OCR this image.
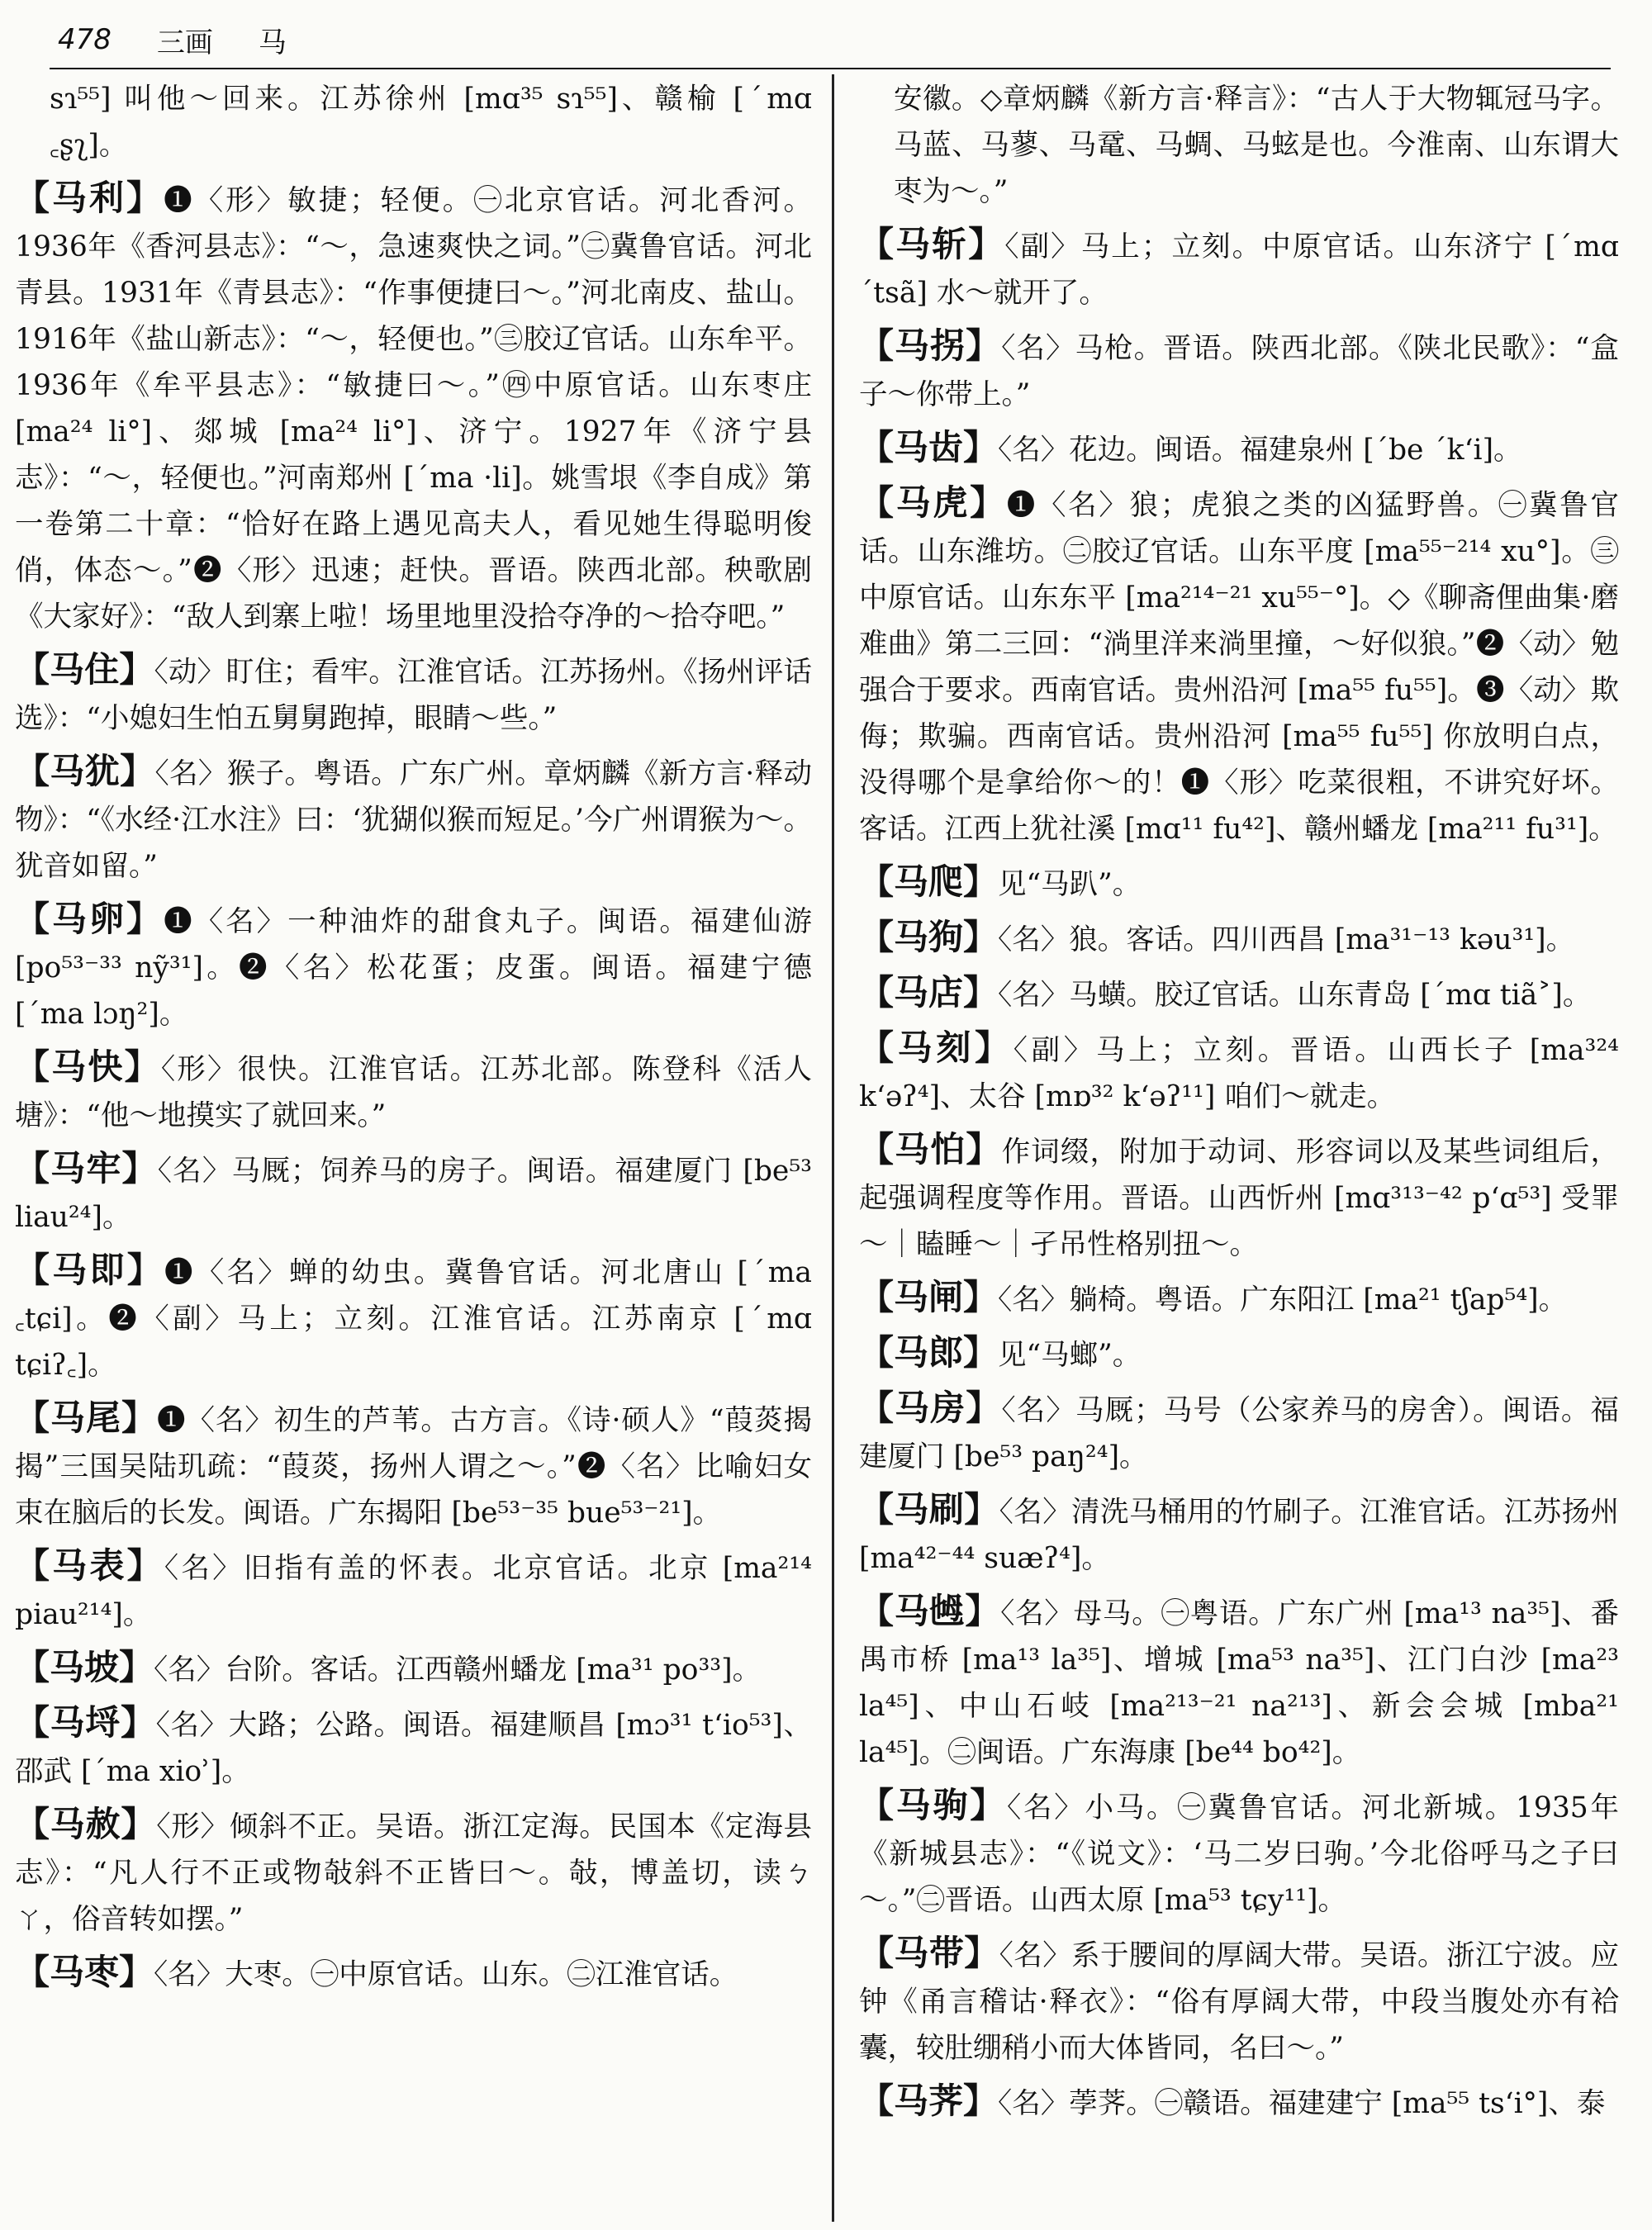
478 三画 马
sɿ⁵⁵] 叫他～回来。江苏徐州 [mɑ³⁵ sɿ⁵⁵]、赣榆 [ˊmɑ ꜀ʂʅ]。
【马利】❶〈形〉敏捷；轻便。㊀北京官话。河北香河。1936年《香河县志》：“～，急速爽快之词。”㊁冀鲁官话。河北青县。1931年《青县志》：“作事便捷曰～。”河北南皮、盐山。1916年《盐山新志》：“～，轻便也。”㊂胶辽官话。山东牟平。1936年《牟平县志》：“敏捷曰～。”㊃中原官话。山东枣庄 [ma²⁴ li°]、郯城 [ma²⁴ li°]、济宁。1927年《济宁县志》：“～，轻便也。”河南郑州 [ˊma ·li]。姚雪垠《李自成》第一卷第二十章：“恰好在路上遇见高夫人，看见她生得聪明俊俏，体态～。”❷〈形〉迅速；赶快。晋语。陕西北部。秧歌剧《大家好》：“敌人到寨上啦！场里地里没拾夺净的～拾夺吧。”
【马住】〈动〉盯住；看牢。江淮官话。江苏扬州。《扬州评话选》：“小媳妇生怕五舅舅跑掉，眼睛～些。”
【马犹】〈名〉猴子。粤语。广东广州。章炳麟《新方言·释动物》：“《水经·江水注》曰：‘犹猢似猴而短足。’今广州谓猴为～。犹音如留。”
【马卵】❶〈名〉一种油炸的甜食丸子。闽语。福建仙游 [po⁵³⁻³³ nỹ³¹]。❷〈名〉松花蛋；皮蛋。闽语。福建宁德 [ˊma lɔŋ²]。
【马快】〈形〉很快。江淮官话。江苏北部。陈登科《活人塘》：“他～地摸实了就回来。”
【马牢】〈名〉马厩；饲养马的房子。闽语。福建厦门 [be⁵³ liau²⁴]。
【马即】❶〈名〉蝉的幼虫。冀鲁官话。河北唐山 [ˊma ꜀tɕi]。❷〈副〉马上；立刻。江淮官话。江苏南京 [ˊmɑ tɕiʔ꜀]。
【马尾】❶〈名〉初生的芦苇。古方言。《诗·硕人》“葭菼揭揭”三国吴陆玑疏：“葭菼，扬州人谓之～。”❷〈名〉比喻妇女束在脑后的长发。闽语。广东揭阳 [be⁵³⁻³⁵ bue⁵³⁻²¹]。
【马表】〈名〉旧指有盖的怀表。北京官话。北京 [ma²¹⁴ piau²¹⁴]。
【马坡】〈名〉台阶。客话。江西赣州蟠龙 [ma³¹ po³³]。
【马埒】〈名〉大路；公路。闽语。福建顺昌 [mɔ³¹ tʻio⁵³]、邵武 [ˊma xioʾ]。
【马赦】〈形〉倾斜不正。吴语。浙江定海。民国本《定海县志》：“凡人行不正或物敧斜不正皆曰～。敧，博盖切，读ㄅㄚ，俗音转如摆。”
【马枣】〈名〉大枣。㊀中原官话。山东。㊁江淮官话。
安徽。◇章炳麟《新方言·释言》：“古人于大物辄冠马字。马蓝、马蓼、马鼋、马蜩、马蚿是也。今淮南、山东谓大枣为～。”
【马斩】〈副〉马上；立刻。中原官话。山东济宁 [ˊmɑ ˊtsã] 水～就开了。
【马拐】〈名〉马枪。晋语。陕西北部。《陕北民歌》：“盒子～你带上。”
【马齿】〈名〉花边。闽语。福建泉州 [ˊbe ˊkʻi]。
【马虎】❶〈名〉狼；虎狼之类的凶猛野兽。㊀冀鲁官话。山东潍坊。㊁胶辽官话。山东平度 [ma⁵⁵⁻²¹⁴ xu°]。㊂中原官话。山东东平 [ma²¹⁴⁻²¹ xu⁵⁵⁻°]。◇《聊斋俚曲集·磨难曲》第二三回：“淌里洋来淌里撞，～好似狼。”❷〈动〉勉强合于要求。西南官话。贵州沿河 [ma⁵⁵ fu⁵⁵]。❸〈动〉欺侮；欺骗。西南官话。贵州沿河 [ma⁵⁵ fu⁵⁵] 你放明白点，没得哪个是拿给你～的！❶〈形〉吃菜很粗，不讲究好坏。客话。江西上犹社溪 [mɑ¹¹ fu⁴²]、赣州蟠龙 [ma²¹¹ fu³¹]。
【马爬】见“马趴”。
【马狗】〈名〉狼。客话。四川西昌 [ma³¹⁻¹³ kəu³¹]。
【马店】〈名〉马蟥。胶辽官话。山东青岛 [ˊmɑ tiã˃]。
【马刻】〈副〉马上；立刻。晋语。山西长子 [ma³²⁴ kʻəʔ⁴]、太谷 [mɒ³² kʻəʔ¹¹] 咱们～就走。
【马怕】作词缀，附加于动词、形容词以及某些词组后，起强调程度等作用。晋语。山西忻州 [mɑ³¹³⁻⁴² pʻɑ⁵³] 受罪～｜瞌睡～｜孑吊性格别扭～。
【马闸】〈名〉躺椅。粤语。广东阳江 [ma²¹ tʃap⁵⁴]。
【马郎】见“马螂”。
【马房】〈名〉马厩；马号（公家养马的房舍）。闽语。福建厦门 [be⁵³ paŋ²⁴]。
【马刷】〈名〉清洗马桶用的竹刷子。江淮官话。江苏扬州 [ma⁴²⁻⁴⁴ suæʔ⁴]。
【马乸】〈名〉母马。㊀粤语。广东广州 [ma¹³ na³⁵]、番禺市桥 [ma¹³ la³⁵]、增城 [ma⁵³ na³⁵]、江门白沙 [ma²³ la⁴⁵]、中山石岐 [ma²¹³⁻²¹ na²¹³]、新会会城 [mba²¹ la⁴⁵]。㊁闽语。广东海康 [be⁴⁴ bo⁴²]。
【马驹】〈名〉小马。㊀冀鲁官话。河北新城。1935年《新城县志》：“《说文》：‘马二岁曰驹。’今北俗呼马之子曰～。”㊁晋语。山西太原 [ma⁵³ tɕy¹¹]。
【马带】〈名〉系于腰间的厚阔大带。吴语。浙江宁波。应钟《甬言稽诂·释衣》：“俗有厚阔大带，中段当腹处亦有袷囊，较肚绷稍小而大体皆同，名曰～。”
【马荠】〈名〉荸荠。㊀赣语。福建建宁 [ma⁵⁵ tsʻi°]、泰
